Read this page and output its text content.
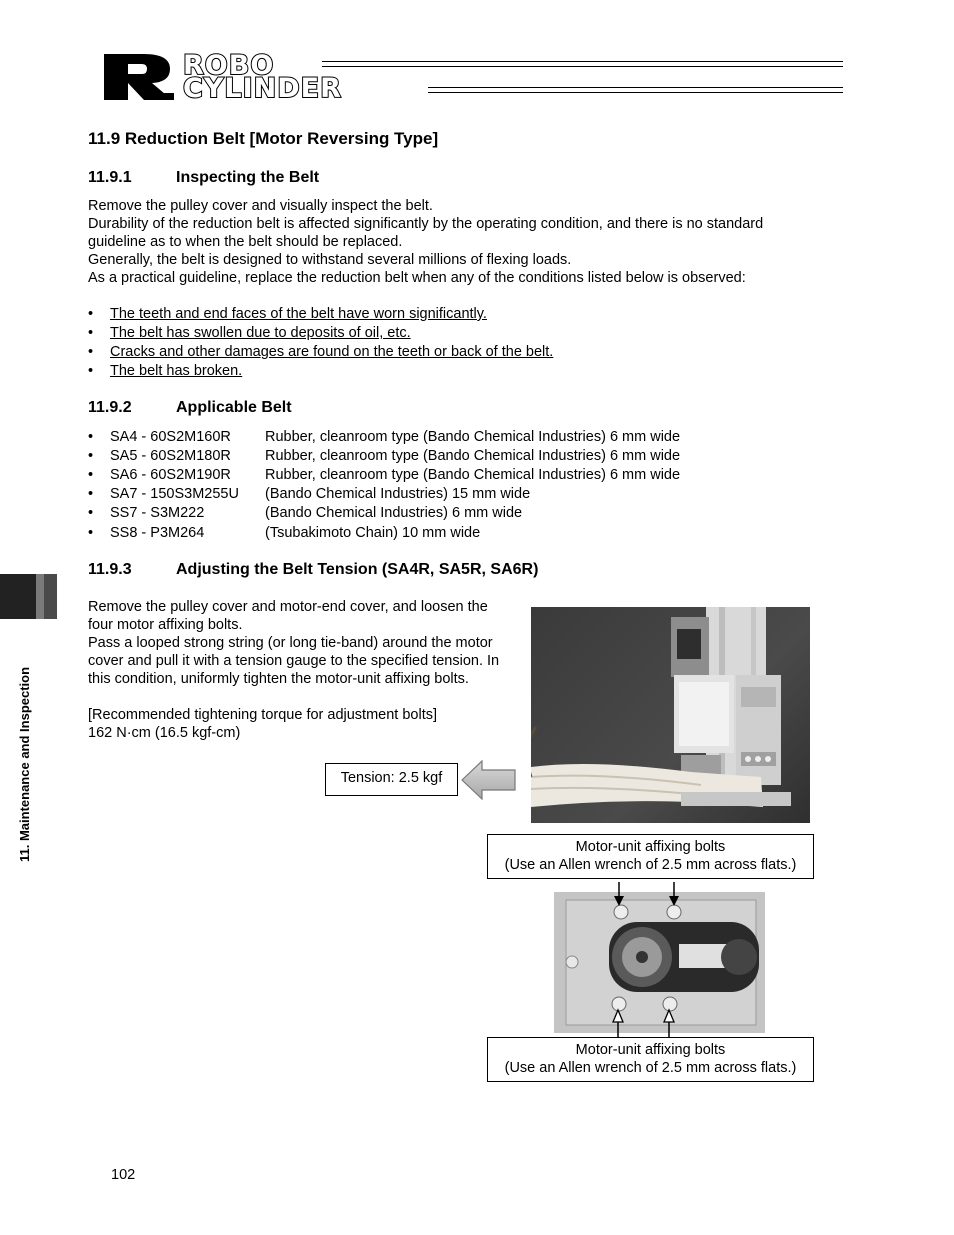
ROBO
CYLINDER
11.9 Reduction Belt [Motor Reversing Type]
11.9.1	Inspecting the Belt
Remove the pulley cover and visually inspect the belt.
Durability of the reduction belt is affected significantly by the operating condition, and there is no standard
guideline as to when the belt should be replaced.
Generally, the belt is designed to withstand several millions of flexing loads.
As a practical guideline, replace the reduction belt when any of the conditions listed below is observed:
• The teeth and end faces of the belt have worn significantly.
• The belt has swollen due to deposits of oil, etc.
• Cracks and other damages are found on the teeth or back of the belt.
• The belt has broken.
11.9.2	Applicable Belt
• SA4 - 60S2M160R Rubber, cleanroom type (Bando Chemical Industries) 6 mm wide
• SA5 - 60S2M180R Rubber, cleanroom type (Bando Chemical Industries) 6 mm wide
• SA6 - 60S2M190R Rubber, cleanroom type (Bando Chemical Industries) 6 mm wide
• SA7 - 150S3M255U (Bando Chemical Industries) 15 mm wide
• SS7 - S3M222	(Bando Chemical Industries) 6 mm wide
• SS8 - P3M264	(Tsubakimoto Chain) 10 mm wide
11.9.3	Adjusting the Belt Tension (SA4R, SA5R, SA6R)
Remove the pulley cover and motor-end cover, and loosen the
four motor affixing bolts.
Pass a looped strong string (or long tie-band) around the motor
cover and pull it with a tension gauge to the specified tension. In
this condition, uniformly tighten the motor-unit affixing bolts.
[Recommended tightening torque for adjustment bolts]
162 N·cm (16.5 kgf-cm)
Tension: 2.5 kgf
Motor-unit affixing bolts
(Use an Allen wrench of 2.5 mm across flats.)
Motor-unit affixing bolts
(Use an Allen wrench of 2.5 mm across flats.)
11. Maintenance and Inspection
102
